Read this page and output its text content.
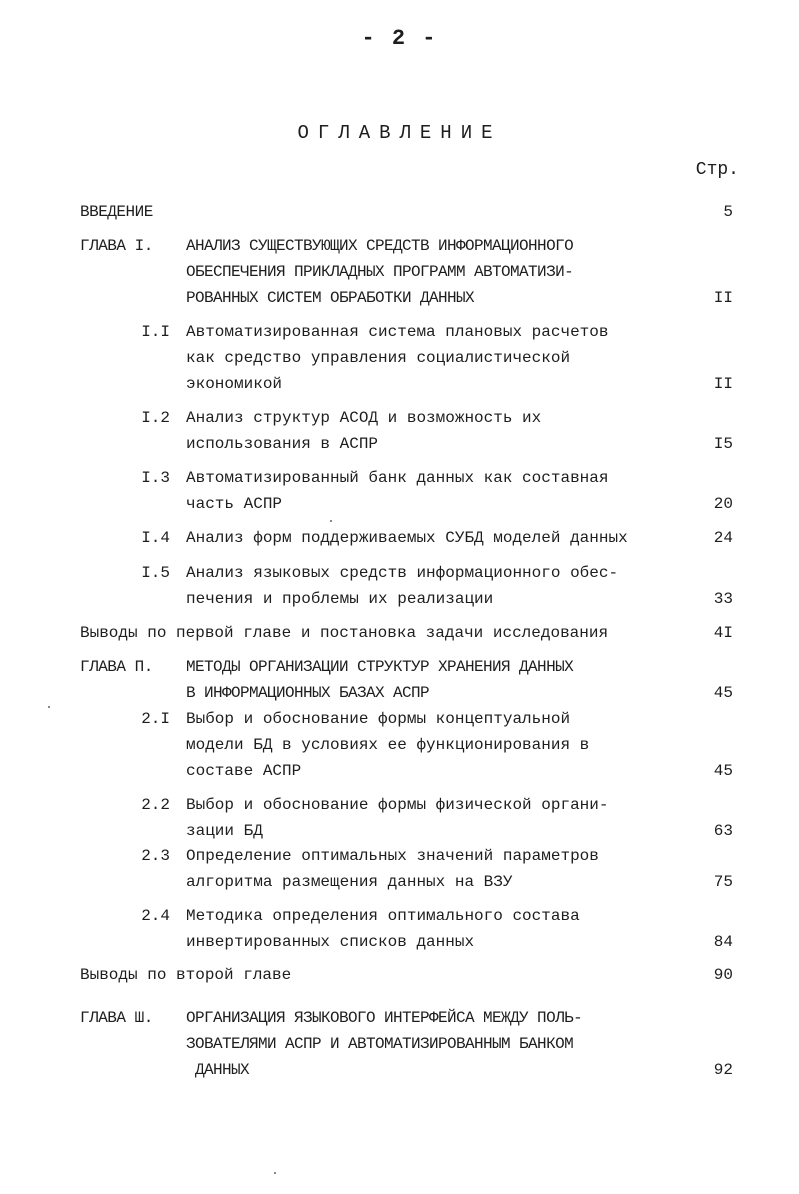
- 2 -
ОГЛАВЛЕНИЕ
Стр.
ВВЕДЕНИЕ	5
ГЛАВА I. АНАЛИЗ СУЩЕСТВУЮЩИХ СРЕДСТВ ИНФОРМАЦИОННОГО
ОБЕСПЕЧЕНИЯ ПРИКЛАДНЫХ ПРОГРАММ АВТОМАТИЗИ-
РОВАННЫХ СИСТЕМ ОБРАБОТКИ ДАННЫХ	II
I.I Автоматизированная система плановых расчетов
как средство управления социалистической
экономикой	II
I.2 Анализ структур АСОД и возможность их
использования в АСПР	I5
I.3 Автоматизированный банк данных как составная
часть АСПР	20
I.4 Анализ форм поддерживаемых СУБД моделей данных	24
I.5 Анализ языковых средств информационного обес-
печения и проблемы их реализации	33
Выводы по первой главе и постановка задачи исследования	4I
ГЛАВА П. МЕТОДЫ ОРГАНИЗАЦИИ СТРУКТУР ХРАНЕНИЯ ДАННЫХ
В ИНФОРМАЦИОННЫХ БАЗАХ АСПР	45
2.I Выбор и обоснование формы концептуальной
модели БД в условиях ее функционирования в
составе АСПР	45
2.2 Выбор и обоснование формы физической органи-
зации БД	63
2.3 Определение оптимальных значений параметров
алгоритма размещения данных на ВЗУ	75
2.4 Методика определения оптимального состава
инвертированных списков данных	84
Выводы по второй главе	90
ГЛАВА Ш. ОРГАНИЗАЦИЯ ЯЗЫКОВОГО ИНТЕРФЕЙСА МЕЖДУ ПОЛЬ-
ЗОВАТЕЛЯМИ АСПР И АВТОМАТИЗИРОВАННЫМ БАНКОМ
ДАННЫХ	92
